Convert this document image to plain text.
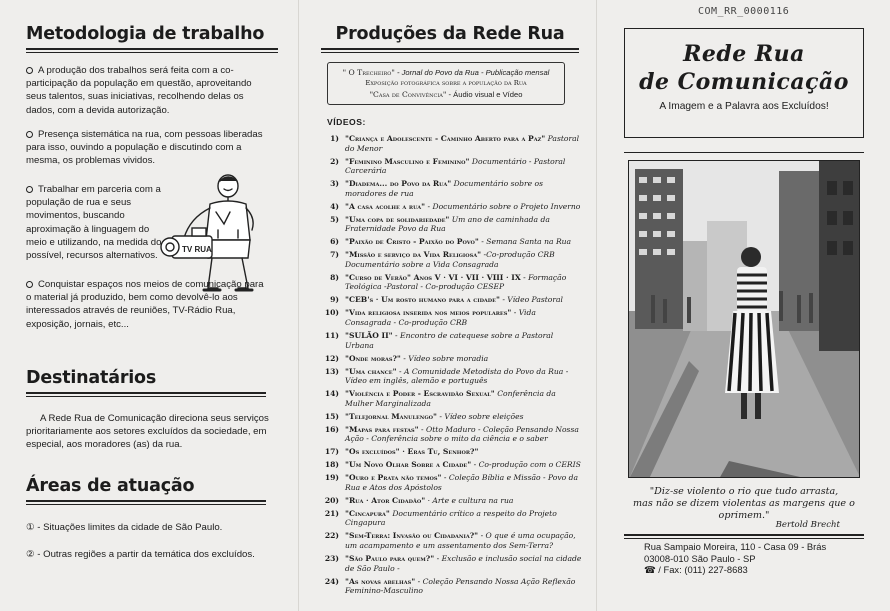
Metodologia de trabalho

A produção dos trabalhos será feita com a co-participação da população em questão, aproveitando seus talentos, suas iniciativas, recolhendo delas os dados, com a devida autorização.

Presença sistemática na rua, com pessoas liberadas para isso, ouvindo a população e discutindo com a mesma, os problemas vividos.

Trabalhar em parceria com a população de rua e seus movimentos, buscando aproximação à linguagem do meio e utilizando, na medida do possível, recursos alternativos.

TV RUA

Conquistar espaços nos meios de comunicação para o material já produzido, bem como devolvê-lo aos interessados através de reuniões, TV-Rádio Rua, exposição, jornais, etc...

Destinatários

A Rede Rua de Comunicação direciona seus serviços prioritariamente aos setores excluídos da sociedade, em especial, aos moradores (as) da rua.

Áreas de atuação

① - Situações limites da cidade de São Paulo.

② - Outras regiões a partir da temática dos excluídos.

Produções da Rede Rua
" O Trecheiro" - Jornal do Povo da Rua - Publicação mensal
Exposição fotográfica sobre a população da Rua
"Casa de Convivência" - Áudio visual e Vídeo
VÍDEOS:
1) "Criança e Adolescente - Caminho Aberto para a Paz" Pastoral do Menor
2) "Feminino Masculino e Feminino" Documentário - Pastoral Carcerária
3) "Diadema... do Povo da Rua" Documentário sobre os moradores de rua
4) "A casa acolhe a rua" - Documentário sobre o Projeto Inverno
5) "Uma copa de solidariedade" Um ano de caminhada da Fraternidade Povo da Rua
6) "Paixão de Cristo - Paixão do Povo" - Semana Santa na Rua
7) "Missão e serviço da Vida Religiosa" -Co-produção CRB Documentário sobre a Vida Consagrada
8) "Curso de Verão" Anos V · VI · VII · VIII · IX - Formação Teológica -Pastoral - Co-produção CESEP
9) "CEB's · Um rosto humano para a cidade" - Vídeo Pastoral
10) "Vida religiosa inserida nos meios populares" - Vida Consagrada - Co-produção CRB
11) "SULÃO II" - Encontro de catequese sobre a Pastoral Urbana
12) "Onde moras?" - Vídeo sobre moradia
13) "Uma chance" - A Comunidade Metodista do Povo da Rua - Vídeo em inglês, alemão e português
14) "Violência e Poder - Escravidão Sexual" Conferência da Mulher Marginalizada
15) "Telejornal Manulengo" - Vídeo sobre eleições
16) "Mapas para festas" - Otto Maduro - Coleção Pensando Nossa Ação - Conferência sobre o mito da ciência e o saber
17) "Os excluídos" · Eras Tu, Senhor?"
18) "Um Novo Olhar Sobre a Cidade" - Co-produção com o CERIS
19) "Ouro e Prata não temos" - Coleção Bíblia e Missão - Povo da Rua e Atos dos Apóstolos
20) "Rua · Ator Cidadão" · Arte e cultura na rua
21) "Cincapura" Documentário crítico a respeito do Projeto Cingapura
22) "Sem-Terra: Invasão ou Cidadania?" - O que é uma ocupação, um acampamento e um assentamento dos Sem-Terra?
23) "São Paulo para quem?" - Exclusão e inclusão social na cidade de São Paulo -
24) "As novas abelhas" - Coleção Pensando Nossa Ação Reflexão Feminino-Masculino
COM_RR_0000116
Rede Rua
de Comunicação
A Imagem e a Palavra aos Excluídos!
"Diz-se violento o rio que tudo arrasta,
mas não se dizem violentas as margens que o oprimem."
Bertold Brecht
Rua Sampaio Moreira, 110 - Casa 09 - Brás
03008-010 São Paulo - SP
☎ / Fax: (011) 227-8683
